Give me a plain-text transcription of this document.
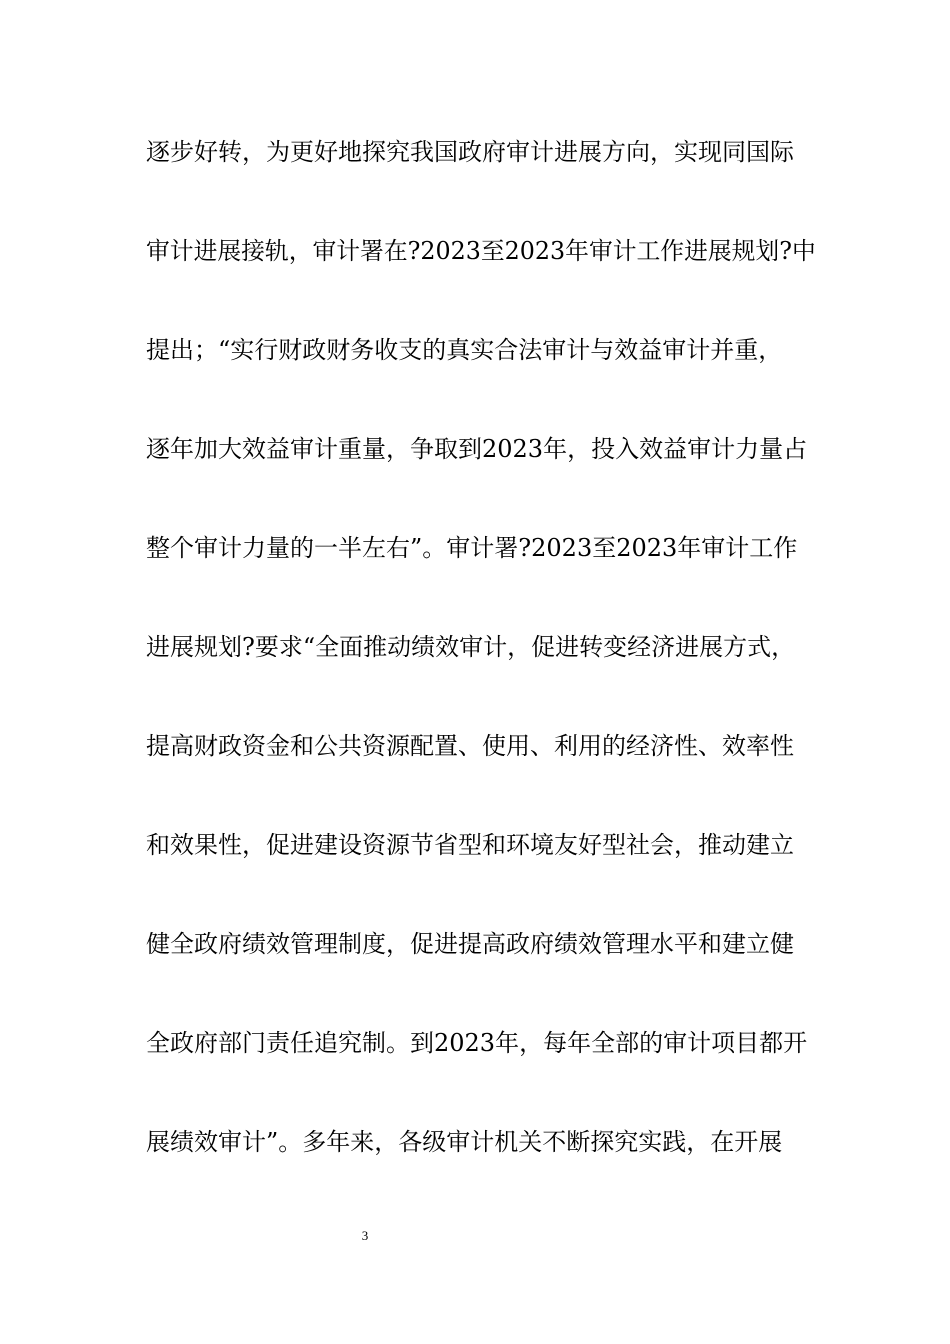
逐步好转，为更好地探究我国政府审计进展方向，实现同国际
审计进展接轨，审计署在?2023至2023年审计工作进展规划?中
提出；“实行财政财务收支的真实合法审计与效益审计并重，
逐年加大效益审计重量，争取到2023年，投入效益审计力量占
整个审计力量的一半左右”。审计署?2023至2023年审计工作
进展规划?要求“全面推动绩效审计，促进转变经济进展方式，
提高财政资金和公共资源配置、使用、利用的经济性、效率性
和效果性，促进建设资源节省型和环境友好型社会，推动建立
健全政府绩效管理制度，促进提高政府绩效管理水平和建立健
全政府部门责任追究制。到2023年，每年全部的审计项目都开
展绩效审计”。多年来，各级审计机关不断探究实践，在开展
3
